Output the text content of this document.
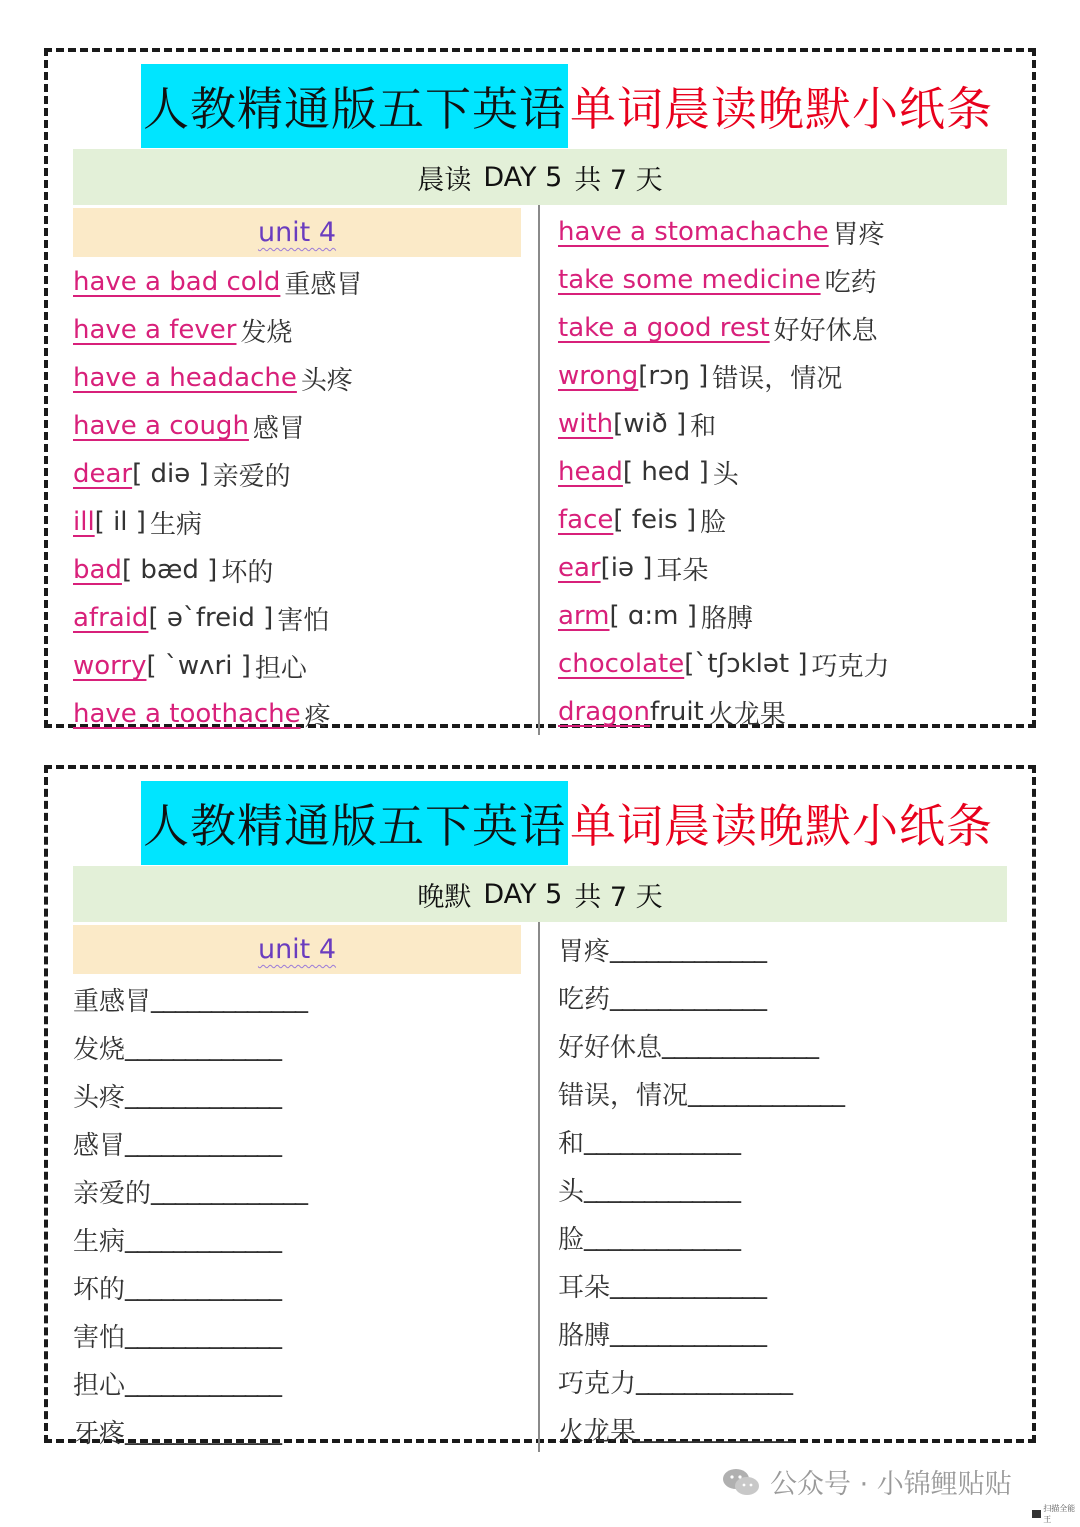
人教精通版五下英语 单词晨读晚默小纸条
晨读 DAY 5 共 7 天
unit 4
have a bad cold 重感冒
have a fever 发烧
have a headache 头疼
have a cough 感冒
dear [ diə ] 亲爱的
ill [ il ] 生病
bad [ bæd ] 坏的
afraid [ ə`freid ] 害怕
worry [ `wʌri ] 担心
have a toothache 疼
have a stomachache 胃疼
take some medicine 吃药
take a good rest 好好休息
wrong [rɔŋ ] 错误，情况
with [wið ] 和
head [ hed ] 头
face [ feis ] 脸
ear [iə ] 耳朵
arm [ ɑ:m ] 胳膊
chocolate [`tʃɔklət ] 巧克力
dragon fruit 火龙果
人教精通版五下英语 单词晨读晚默小纸条
晚默 DAY 5 共 7 天
unit 4
重感冒 _____________
发烧 _____________
头疼 _____________
感冒 _____________
亲爱的 _____________
生病 _____________
坏的 _____________
害怕 _____________
担心 _____________
牙疼 _____________
胃疼 _____________
吃药 _____________
好好休息 _____________
错误，情况 _____________
和 _____________
头 _____________
脸 _____________
耳朵 _____________
胳膊 _____________
巧克力 _____________
火龙果 _____________
公众号 · 小锦鲤贴贴
扫描全能王
